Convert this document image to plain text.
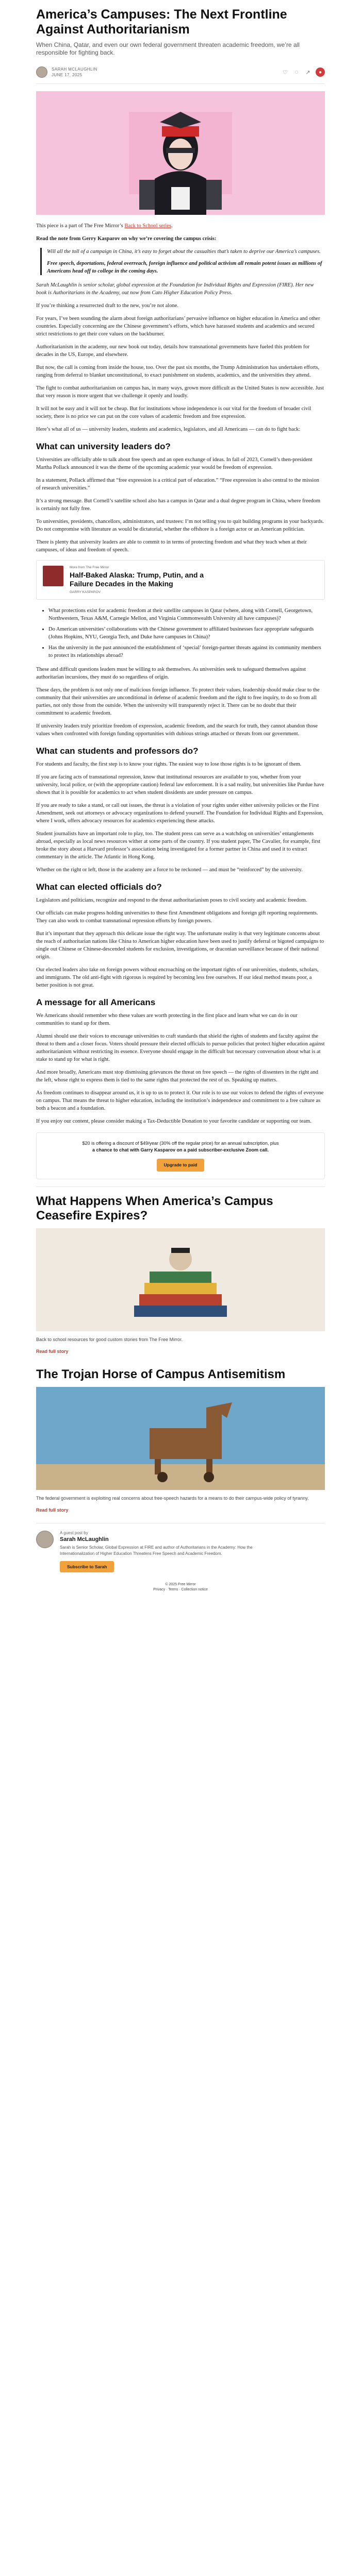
America’s Campuses: The Next Frontline Against Authoritarianism
When China, Qatar, and even our own federal government threaten academic freedom, we’re all responsible for fighting back.
SARAH MCLAUGHLIN
JUNE 17, 2025	♡	◌	↗	●

This piece is a part of The Free Mirror’s Back to School series.

Read the note from Gerry Kasparov on why we’re covering the campus crisis:

Will all the toll of a campaign in China, it’s easy to forget about the casualties that’s taken to deprive our America’s campuses.
Free speech, deportations, federal overreach, foreign influence and political activism all remain potent issues as millions of Americans head off to college in the coming days.

Sarah McLaughlin is senior scholar, global expression at the Foundation for Individual Rights and Expression (FIRE). Her new book is Authoritarians in the Academy, out now from Cato Higher Education Policy Press.

If you’re thinking a resurrected draft to the new, you’re not alone.

For years, I’ve been sounding the alarm about foreign authoritarians’ pervasive influence on higher education in America and other countries. Especially concerning are the Chinese government’s efforts, which have harassed students and academics and secured strict restrictions to get their core values on the backburner.

Authoritarianism in the academy, our new book out today, details how transnational governments have fueled this problem for decades in the US, Europe, and elsewhere.

But now, the call is coming from inside the house, too. Over the past six months, the Trump Administration has undertaken efforts, ranging from deferral to blanket unconstitutional, to exact punishment on students, academics, and the universities they attend.

The fight to combat authoritarianism on campus has, in many ways, grown more difficult as the United States is now accessible. Just that very reason is more urgent that we challenge it openly and loudly.

It will not be easy and it will not be cheap. But for institutions whose independence is our vital for the freedom of broader civil society, there is no price we can put on the core values of academic freedom and free expression.

Here’s what all of us — university leaders, students and academics, legislators, and all Americans — can do to fight back:

What can university leaders do?

Universities are officially able to talk about free speech and an open exchange of ideas. In fall of 2023, Cornell’s then-president Martha Pollack announced it was the theme of the upcoming academic year would be freedom of expression.

In a statement, Pollack affirmed that “free expression is a critical part of education.” “Free expression is also central to the mission of research universities.”

It’s a strong message. But Cornell’s satellite school also has a campus in Qatar and a dual degree program in China, where freedom is certainly not fully free.

To universities, presidents, chancellors, administrators, and trustees: I’m not telling you to quit building programs in your backyards. Do not compromise with literature as would be dictatorial, whether the offshore is a foreign actor or an American politician.

There is plenty that university leaders are able to commit to in terms of protecting freedom and what they teach when at their campuses, of ideas and freedom of speech.

More from The Free Mirror
Half-Baked Alaska: Trump, Putin, and a Failure Decades in the Making
GARRY KASPAROV
• What protections exist for academic freedom at their satellite campuses in Qatar (where, along with Cornell, Georgetown, Northwestern, Texas A&M, Carnegie Mellon, and Virginia Commonwealth University all have campuses)?
• Do American universities’ collaborations with the Chinese government to affiliated businesses face appropriate safeguards (Johns Hopkins, NYU, Georgia Tech, and Duke have campuses in China)?
• Has the university in the past announced the establishment of ‘special’ foreign-partner threats against its community members to protect its relationships abroad?

These and difficult questions leaders must be willing to ask themselves. As universities seek to safeguard themselves against authoritarian incursions, they must do so regardless of origin.

These days, the problem is not only one of malicious foreign influence. To protect their values, leadership should make clear to the community that their universities are unconditional in defense of academic freedom and the right to free inquiry, to do so from all parties, not only those from the outside. When the university will transparently reject it. There can be no doubt that their commitment to academic freedom.

If university leaders truly prioritize freedom of expression, academic freedom, and the search for truth, they cannot abandon those values when confronted with foreign funding opportunities with dubious strings attached or threats from our government.

What can students and professors do?

For students and faculty, the first step is to know your rights. The easiest way to lose those rights is to be ignorant of them.

If you are facing acts of transnational repression, know that institutional resources are available to you, whether from your university, local police, or (with the appropriate caution) federal law enforcement. It is a sad reality, but universities like Purdue have shown that it is possible for academics to act when student dissidents are under pressure on campus.

If you are ready to take a stand, or call out issues, the threat is a violation of your rights under either university policies or the First Amendment, seek out attorneys or advocacy organizations to defend yourself. The Foundation for Individual Rights and Expression, where I work, offers advocacy resources for academics experiencing these attacks.

Student journalists have an important role to play, too. The student press can serve as a watchdog on universities’ entanglements abroad, especially as local news resources wither at some parts of the country. If you student paper, The Cavalier, for example, first broke the story about a Harvard professor’s association being investigated for a former partner in China and used it to extract commentary in the article. The Atlantic in Hong Kong.

Whether on the right or left, those in the academy are a force to be reckoned — and must be “reinforced” by the university.

What can elected officials do?

Legislators and politicians, recognize and respond to the threat authoritarianism poses to civil society and academic freedom.

Our officials can make progress holding universities to these first Amendment obligations and foreign gift reporting requirements. They can also work to combat transnational repression efforts by foreign powers.

But it’s important that they approach this delicate issue the right way. The unfortunate reality is that very legitimate concerns about the reach of authoritarian nations like China to American higher education have been used to justify deferral or bigoted campaigns to single out Chinese or Chinese-descended students for exclusion, investigations, or draconian surveillance because of their national origin.

Our elected leaders also take on foreign powers without encroaching on the important rights of our universities, students, scholars, and immigrants. The old anti-fight with rigorous is required by becoming less free ourselves. If our ideal method means poor, a better position is not great.

A message for all Americans

We Americans should remember who these values are worth protecting in the first place and learn what we can do in our communities to stand up for them.

Alumni should use their voices to encourage universities to craft standards that shield the rights of students and faculty against the threat to them and a closer focus. Voters should pressure their elected officials to pursue policies that protect higher education against authoritarianism without restricting its essence. Everyone should engage in the difficult but necessary conversation about what is at stake to stand up for what is right.

And more broadly, Americans must stop dismissing grievances the threat on free speech — the rights of dissenters in the right and the left, whose right to express them is tied to the same rights that protected the rest of us. Speaking up matters.

As freedom continues to disappear around us, it is up to us to protect it. Our role is to use our voices to defend the rights of everyone on campus. That means the threat to higher education, including the institution’s independence and commitment to a free culture as both a beacon and a foundation.

If you enjoy our content, please consider making a Tax-Deductible Donation to your favorite candidate or supporting our team.

$20 is offering a discount of $49/year (30% off the regular price) for an annual subscription, plus
a chance to chat with Garry Kasparov on a paid subscriber-exclusive Zoom call.
Upgrade to paid
What Happens When America’s Campus Ceasefire Expires?
Back to school resources for good custom stories from The Free Mirror.
Read full story
The Trojan Horse of Campus Antisemitism
The federal government is exploiting real concerns about free-speech hazards for a means to do their campus-wide policy of tyranny.
Read full story
A guest post by
Sarah McLaughlin
Sarah is Senior Scholar, Global Expression at FIRE and author of Authoritarians in the Academy: How the Internationalization of Higher Education Threatens Free Speech and Academic Freedom.
Subscribe to Sarah
© 2025 Free Mirror
Privacy · Terms · Collection notice
